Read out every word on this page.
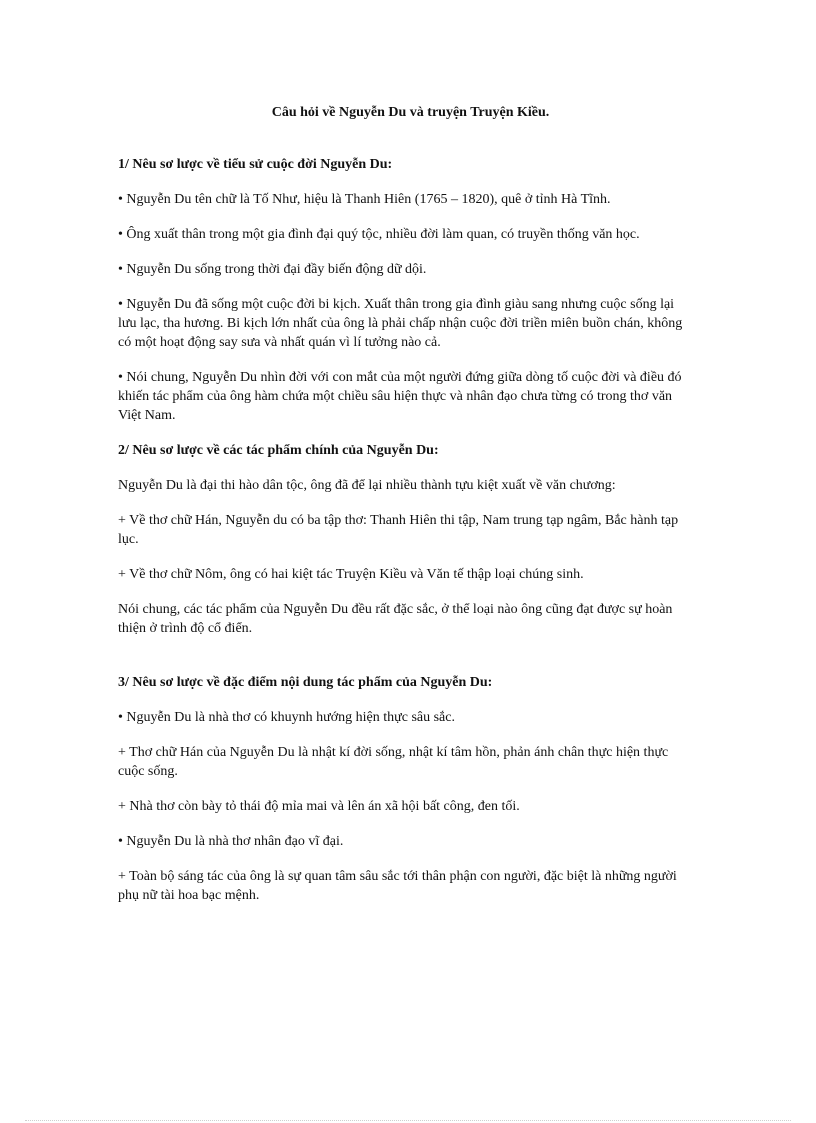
Câu hỏi về Nguyễn Du và truyện Truyện Kiều.
1/ Nêu sơ lược về tiểu sử cuộc đời Nguyễn Du:

• Nguyễn Du tên chữ là Tố Như, hiệu là Thanh Hiên (1765 – 1820), quê ở tỉnh Hà Tĩnh.

• Ông xuất thân trong một gia đình đại quý tộc, nhiều đời làm quan, có truyền thống văn học.

• Nguyễn Du sống trong thời đại đầy biến động dữ dội.

• Nguyễn Du đã sống một cuộc đời bi kịch. Xuất thân trong gia đình giàu sang nhưng cuộc sống lại lưu lạc, tha hương. Bi kịch lớn nhất của ông là phải chấp nhận cuộc đời triền miên buồn chán, không có một hoạt động say sưa và nhất quán vì lí tưởng nào cả.

• Nói chung, Nguyễn Du nhìn đời với con mắt của một người đứng giữa dòng tố cuộc đời và điều đó khiến tác phẩm của ông hàm chứa một chiều sâu hiện thực và nhân đạo chưa từng có trong thơ văn Việt Nam.

2/ Nêu sơ lược về các tác phẩm chính của Nguyễn Du:

Nguyễn Du là đại thi hào dân tộc, ông đã để lại nhiều thành tựu kiệt xuất về văn chương:

+ Về thơ chữ Hán, Nguyễn du có ba tập thơ: Thanh Hiên thi tập, Nam trung tạp ngâm, Bắc hành tạp lục.

+ Về thơ chữ Nôm, ông có hai kiệt tác Truyện Kiều và Văn tế thập loại chúng sinh.

Nói chung, các tác phẩm của Nguyễn Du đều rất đặc sắc, ở thể loại nào ông cũng đạt được sự hoàn thiện ở trình độ cổ điển.

3/ Nêu sơ lược về đặc điểm nội dung tác phẩm của Nguyễn Du:

• Nguyễn Du là nhà thơ có khuynh hướng hiện thực sâu sắc.

+ Thơ chữ Hán của Nguyễn Du là nhật kí đời sống, nhật kí tâm hồn, phản ánh chân thực hiện thực cuộc sống.

+ Nhà thơ còn bày tỏ thái độ mỉa mai và lên án xã hội bất công, đen tối.

• Nguyễn Du là nhà thơ nhân đạo vĩ đại.

+ Toàn bộ sáng tác của ông là sự quan tâm sâu sắc tới thân phận con người, đặc biệt là những người phụ nữ tài hoa bạc mệnh.
